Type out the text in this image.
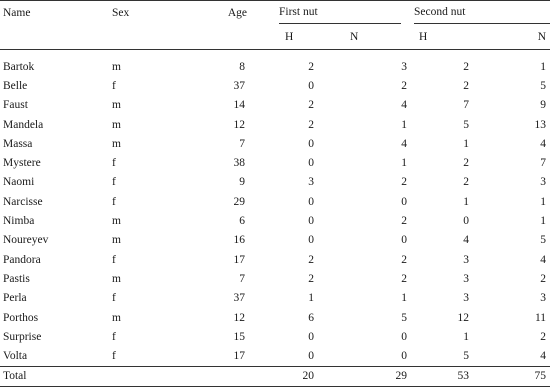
Name	Sex	Age		First nut		Second nut	

				H	N	H	N

Bartok	m	8		2	3	2	1
Belle	f	37		0	2	2	5
Faust	m	14		2	4	7	9
Mandela	m	12		2	1	5	13
Massa	m	7		0	4	1	4
Mystere	f	38		0	1	2	7
Naomi	f	9		3	2	2	3
Narcisse	f	29		0	0	1	1
Nimba	m	6		0	2	0	1
Noureyev	m	16		0	0	4	5
Pandora	f	17		2	2	3	4
Pastis	m	7		2	2	3	2
Perla	f	37		1	1	3	3
Porthos	m	12		6	5	12	11
Surprise	f	15		0	0	1	2
Volta	f	17		0	0	5	4
Total				20	29	53	75
